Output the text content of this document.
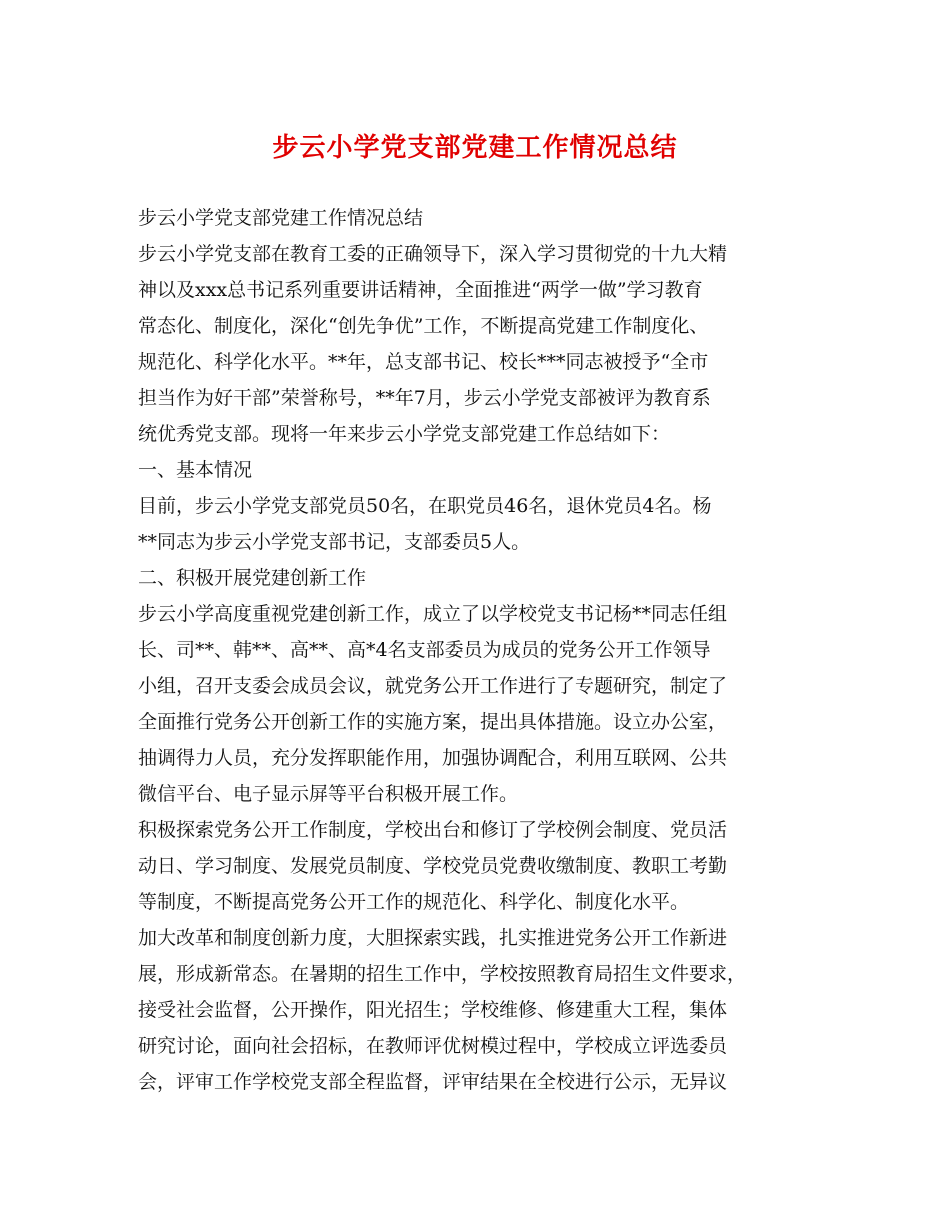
步云小学党支部党建工作情况总结
步云小学党支部党建工作情况总结
步云小学党支部在教育工委的正确领导下，深入学习贯彻党的十九大精
神以及xxx总书记系列重要讲话精神，全面推进“两学一做”学习教育
常态化、制度化，深化“创先争优”工作，不断提高党建工作制度化、
规范化、科学化水平。**年，总支部书记、校长***同志被授予“全市
担当作为好干部”荣誉称号，**年7月，步云小学党支部被评为教育系
统优秀党支部。现将一年来步云小学党支部党建工作总结如下：
一、基本情况
目前，步云小学党支部党员50名，在职党员46名，退休党员4名。杨
**同志为步云小学党支部书记，支部委员5人。
二、积极开展党建创新工作
步云小学高度重视党建创新工作，成立了以学校党支书记杨**同志任组
长、司**、韩**、高**、高*4名支部委员为成员的党务公开工作领导
小组，召开支委会成员会议，就党务公开工作进行了专题研究，制定了
全面推行党务公开创新工作的实施方案，提出具体措施。设立办公室，
抽调得力人员，充分发挥职能作用，加强协调配合，利用互联网、公共
微信平台、电子显示屏等平台积极开展工作。
积极探索党务公开工作制度，学校出台和修订了学校例会制度、党员活
动日、学习制度、发展党员制度、学校党员党费收缴制度、教职工考勤
等制度，不断提高党务公开工作的规范化、科学化、制度化水平。
加大改革和制度创新力度，大胆探索实践，扎实推进党务公开工作新进
展，形成新常态。在暑期的招生工作中，学校按照教育局招生文件要求，
接受社会监督，公开操作，阳光招生；学校维修、修建重大工程，集体
研究讨论，面向社会招标，在教师评优树模过程中，学校成立评选委员
会，评审工作学校党支部全程监督，评审结果在全校进行公示，无异议
